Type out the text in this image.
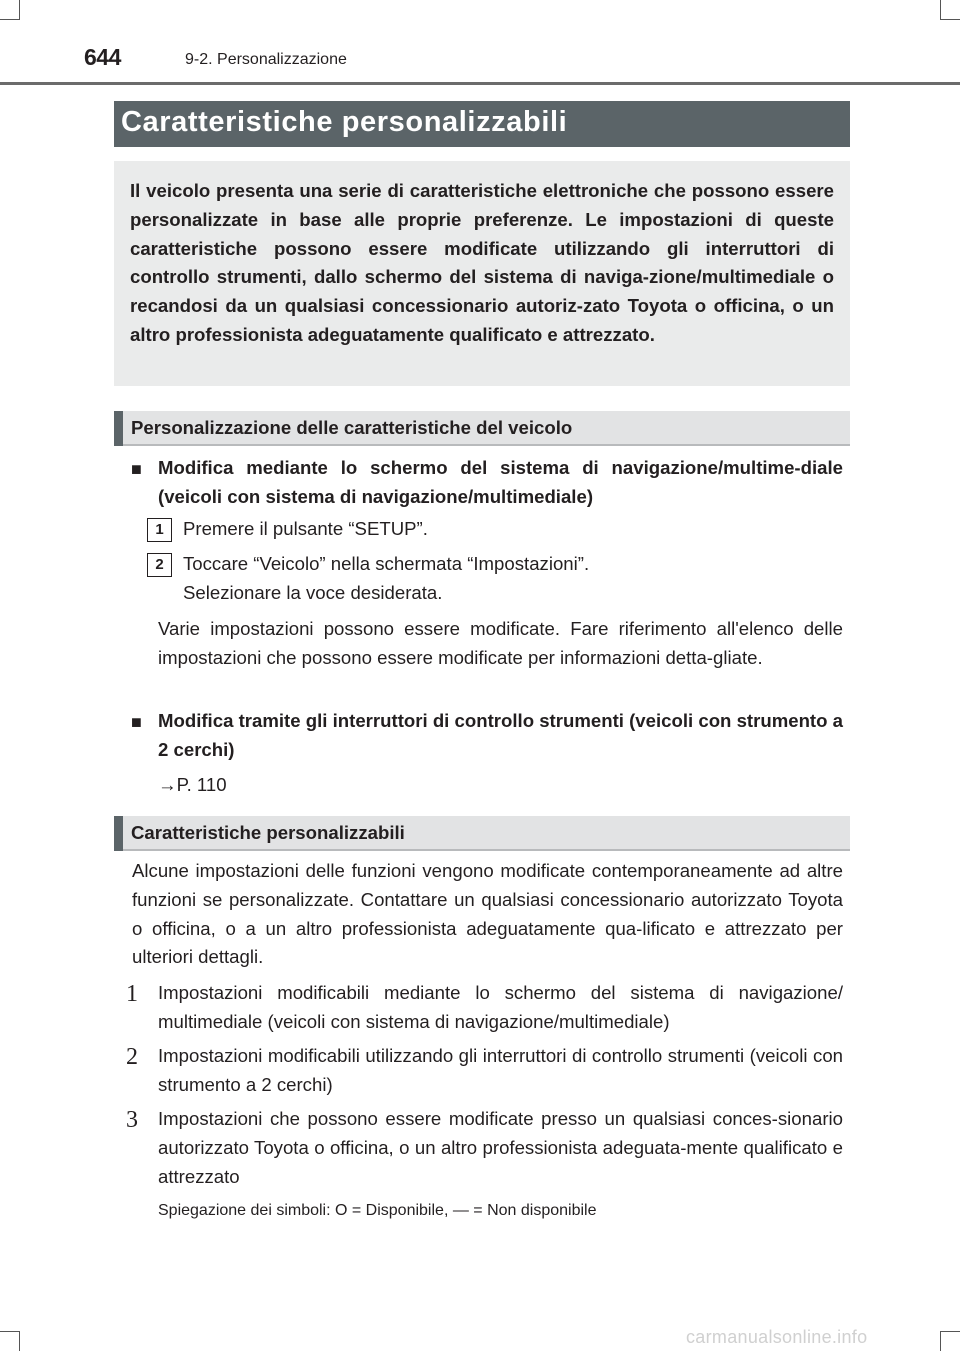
644	9-2. Personalizzazione
Caratteristiche personalizzabili
Il veicolo presenta una serie di caratteristiche elettroniche che possono essere personalizzate in base alle proprie preferenze. Le impostazioni di queste caratteristiche possono essere modificate utilizzando gli interruttori di controllo strumenti, dallo schermo del sistema di naviga-zione/multimediale o recandosi da un qualsiasi concessionario autoriz-zato Toyota o officina, o un altro professionista adeguatamente qualificato e attrezzato.
Personalizzazione delle caratteristiche del veicolo
■ Modifica mediante lo schermo del sistema di navigazione/multime-diale (veicoli con sistema di navigazione/multimediale)
1	Premere il pulsante “SETUP”.
2	Toccare “Veicolo” nella schermata “Impostazioni”.
Selezionare la voce desiderata.
Varie impostazioni possono essere modificate. Fare riferimento all'elenco delle impostazioni che possono essere modificate per informazioni detta-gliate.
■ Modifica tramite gli interruttori di controllo strumenti (veicoli con strumento a 2 cerchi)
→P. 110
Caratteristiche personalizzabili
Alcune impostazioni delle funzioni vengono modificate contemporaneamente ad altre funzioni se personalizzate. Contattare un qualsiasi concessionario autorizzato Toyota o officina, o a un altro professionista adeguatamente qua-lificato e attrezzato per ulteriori dettagli.
1 Impostazioni modificabili mediante lo schermo del sistema di navigazione/ multimediale (veicoli con sistema di navigazione/multimediale)
2 Impostazioni modificabili utilizzando gli interruttori di controllo strumenti (veicoli con strumento a 2 cerchi)
3 Impostazioni che possono essere modificate presso un qualsiasi conces-sionario autorizzato Toyota o officina, o un altro professionista adeguata-mente qualificato e attrezzato
Spiegazione dei simboli: O = Disponibile, — = Non disponibile
carmanualsonline.info
